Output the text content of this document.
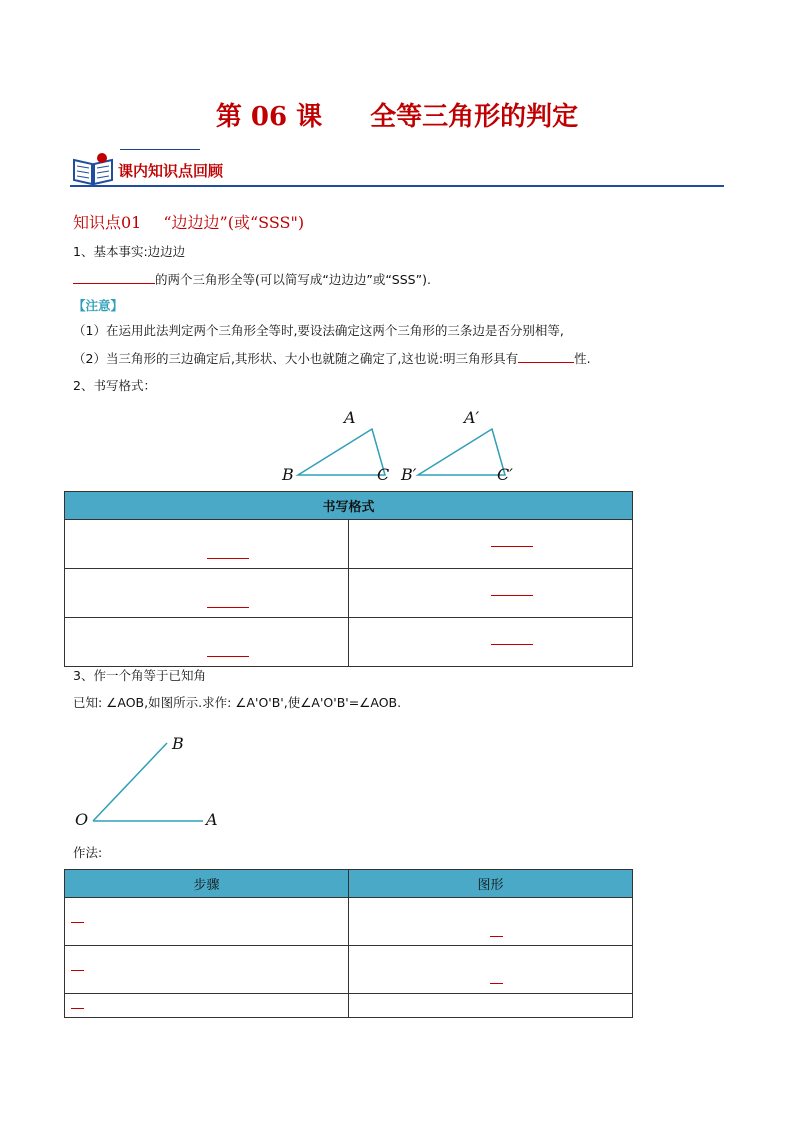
第 06 课 全等三角形的判定
课内知识点回顾
知识点01 “边边边”(或“SSS")
1、基本事实:边边边
的两个三角形全等(可以简写成“边边边”或“SSS”).
【注意】
（1）在运用此法判定两个三角形全等时,要设法确定这两个三角形的三条边是否分别相等,
（2）当三角形的三边确定后,其形状、大小也就随之确定了,这也说:明三角形具有	性.
2、书写格式：
A
B	C
A′
B′	C′
书写格式	

3、作一个角等于已知角
已知: ∠AOB,如图所示.求作: ∠A'O'B',使∠A'O'B'=∠AOB.
B
O	A
作法:
步骤	图形
